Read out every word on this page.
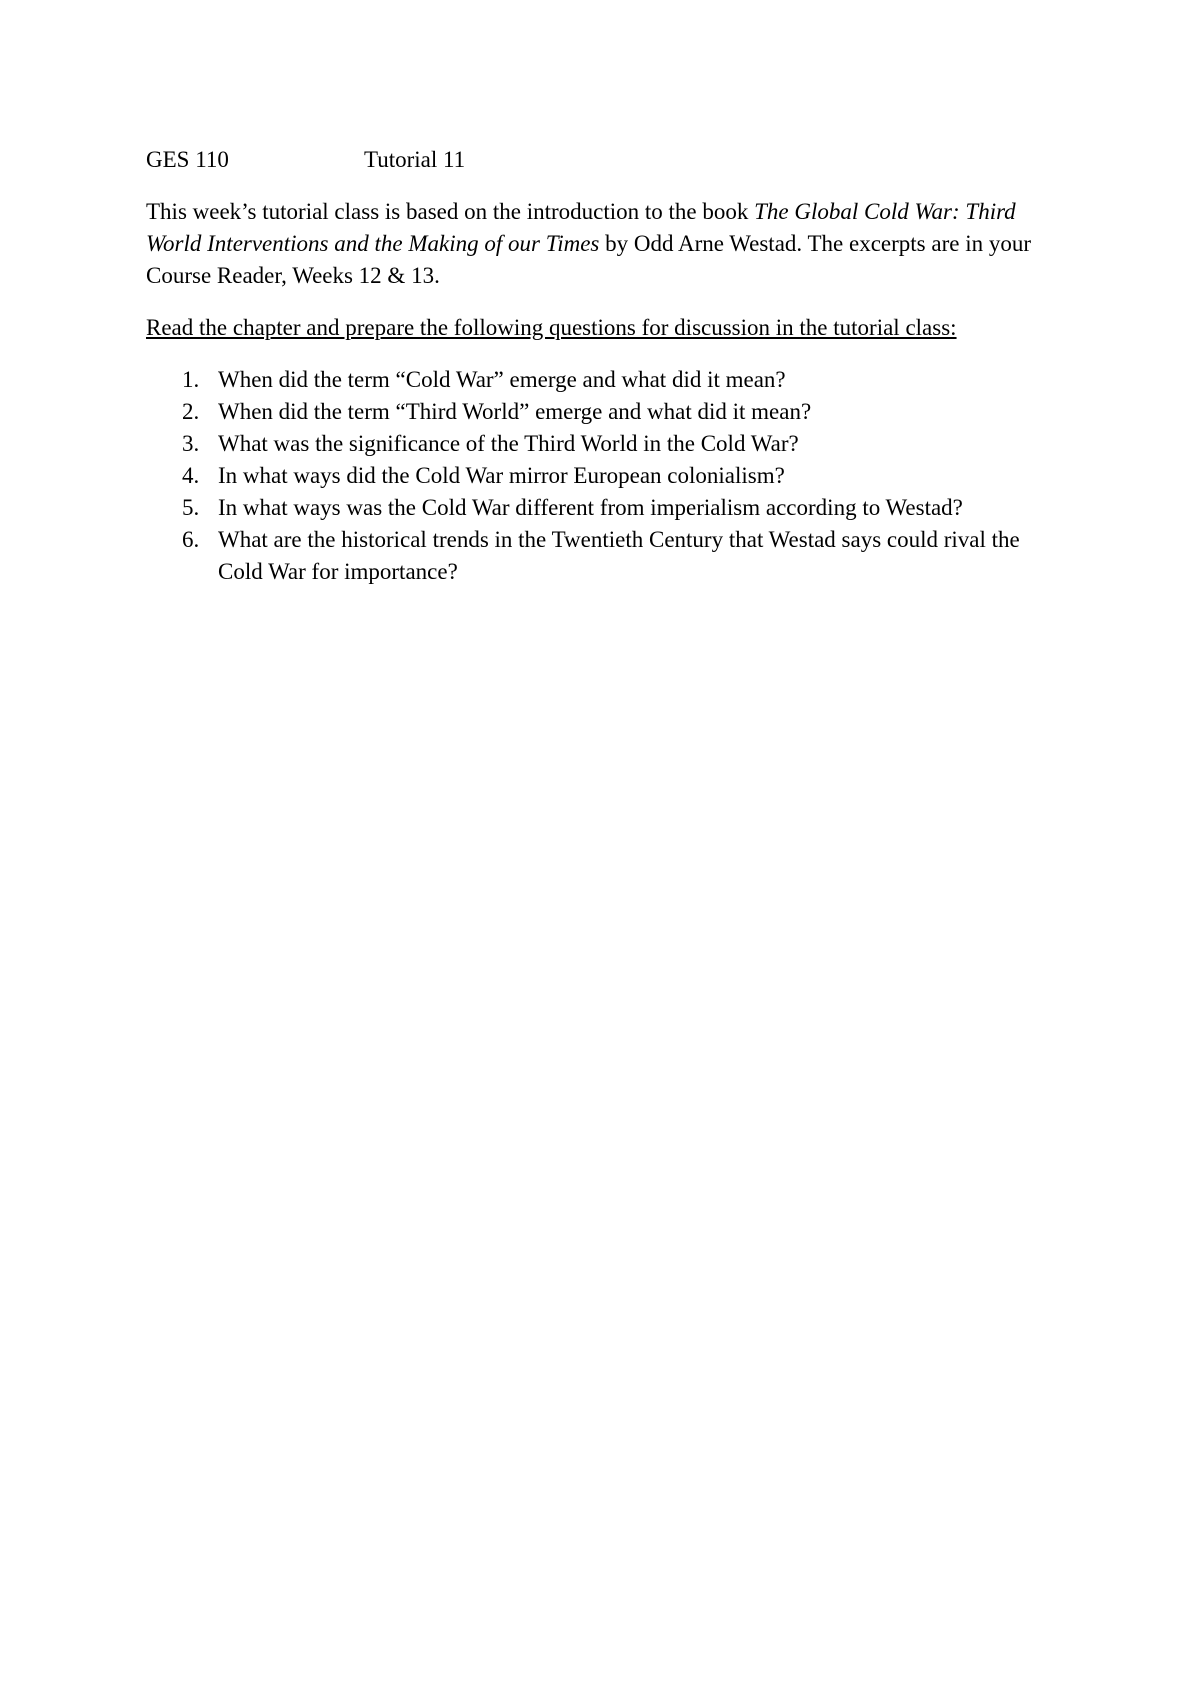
GES 110	Tutorial 11

This week’s tutorial class is based on the introduction to the book The Global Cold War: Third World Interventions and the Making of our Times by Odd Arne Westad. The excerpts are in your Course Reader, Weeks 12 & 13.

Read the chapter and prepare the following questions for discussion in the tutorial class:

1. When did the term “Cold War” emerge and what did it mean?
2. When did the term “Third World” emerge and what did it mean?
3. What was the significance of the Third World in the Cold War?
4. In what ways did the Cold War mirror European colonialism?
5. In what ways was the Cold War different from imperialism according to Westad?
6. What are the historical trends in the Twentieth Century that Westad says could rival the Cold War for importance?
